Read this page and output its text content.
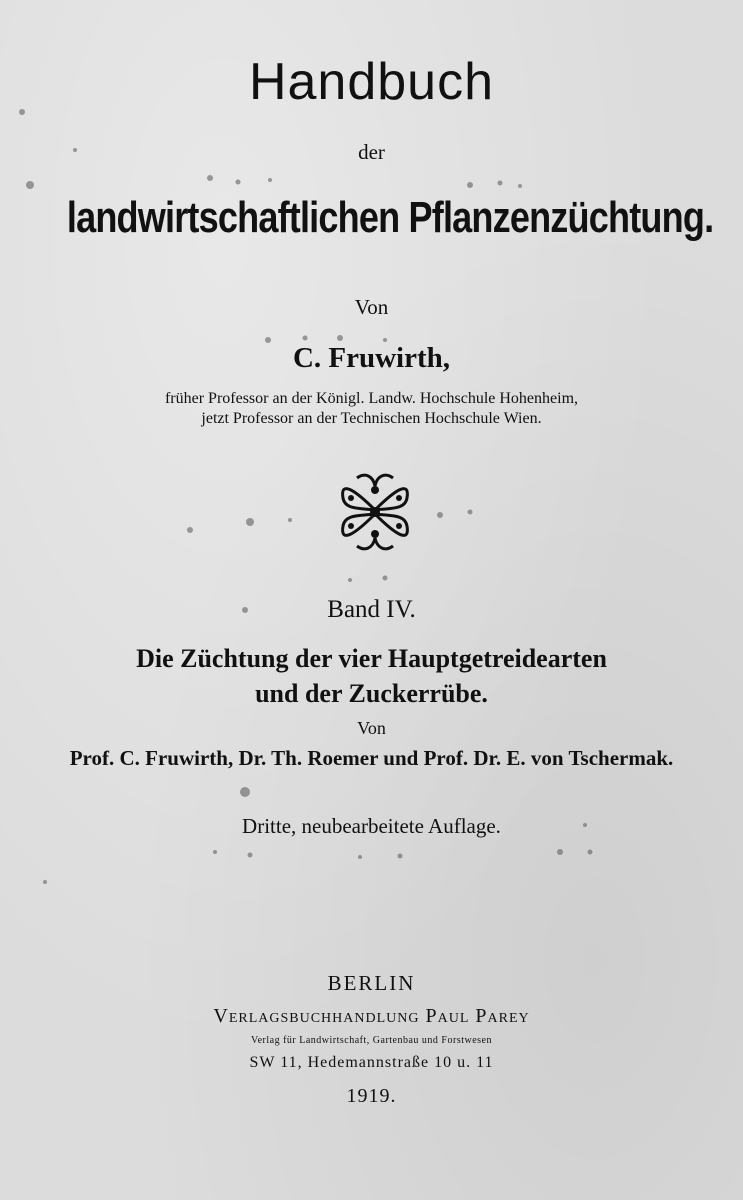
Handbuch
der
landwirtschaftlichen Pflanzenzüchtung.
Von
C. Fruwirth,
früher Professor an der Königl. Landw. Hochschule Hohenheim,
jetzt Professor an der Technischen Hochschule Wien.
Band IV.
Die Züchtung der vier Hauptgetreidearten
und der Zuckerrübe.
Von
Prof. C. Fruwirth, Dr. Th. Roemer und Prof. Dr. E. von Tschermak.
Dritte, neubearbeitete Auflage.
BERLIN
Verlagsbuchhandlung Paul Parey
Verlag für Landwirtschaft, Gartenbau und Forstwesen
SW 11, Hedemannstraße 10 u. 11
1919.
